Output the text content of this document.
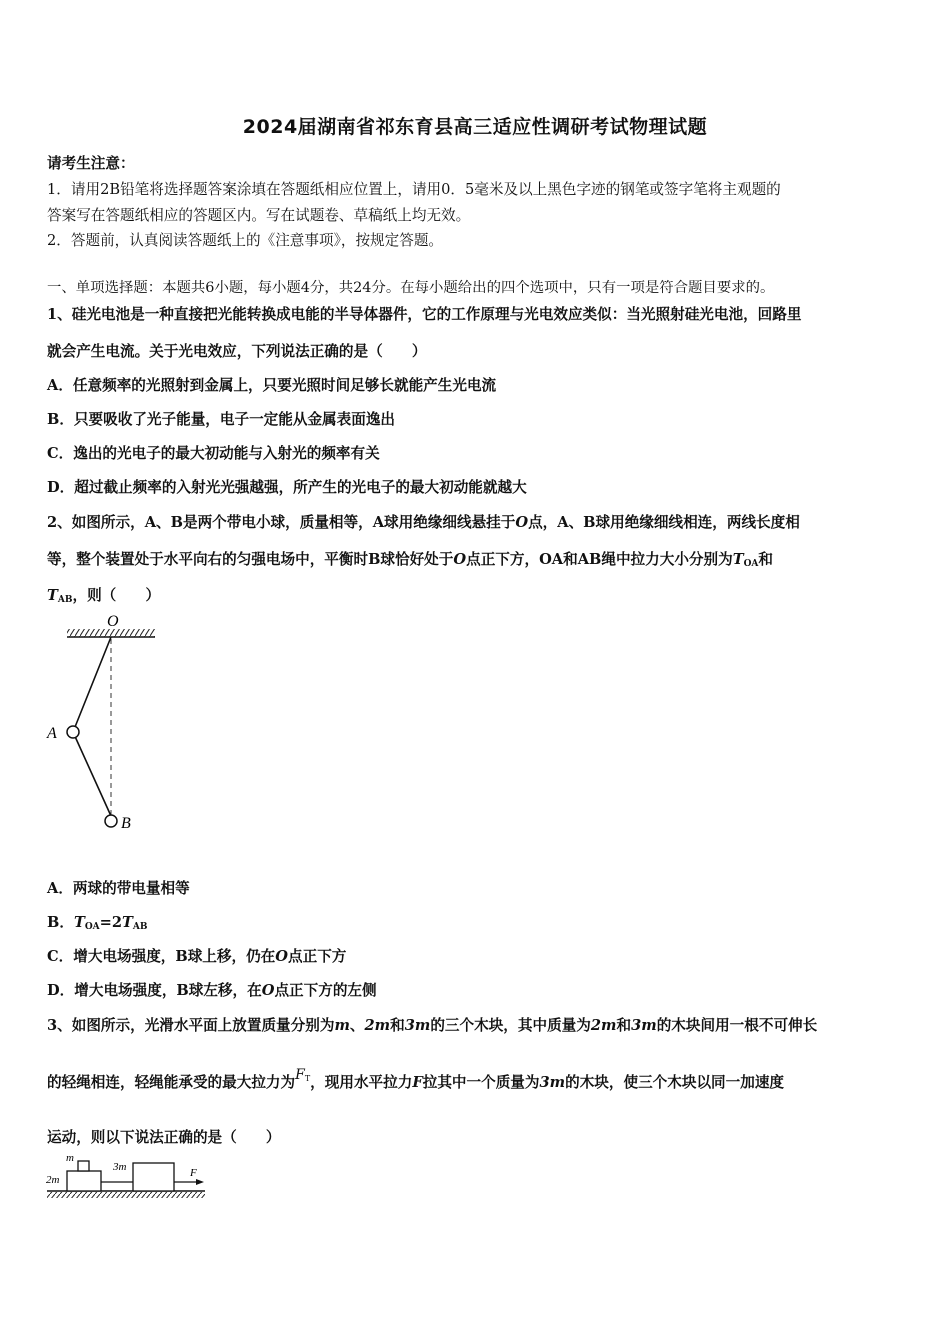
2024届湖南省祁东育县高三适应性调研考试物理试题
请考生注意：
1．请用2B铅笔将选择题答案涂填在答题纸相应位置上，请用0．5毫米及以上黑色字迹的钢笔或签字笔将主观题的
答案写在答题纸相应的答题区内。写在试题卷、草稿纸上均无效。
2．答题前，认真阅读答题纸上的《注意事项》，按规定答题。
一、单项选择题：本题共6小题，每小题4分，共24分。在每小题给出的四个选项中，只有一项是符合题目要求的。
1、硅光电池是一种直接把光能转换成电能的半导体器件，它的工作原理与光电效应类似：当光照射硅光电池，回路里
就会产生电流。关于光电效应，下列说法正确的是（　　）
A．任意频率的光照射到金属上，只要光照时间足够长就能产生光电流
B．只要吸收了光子能量，电子一定能从金属表面逸出
C．逸出的光电子的最大初动能与入射光的频率有关
D．超过截止频率的入射光光强越强，所产生的光电子的最大初动能就越大
2、如图所示，A、B是两个带电小球，质量相等，A球用绝缘细线悬挂于O点，A、B球用绝缘细线相连，两线长度相
等，整个装置处于水平向右的匀强电场中，平衡时B球恰好处于O点正下方，OA和AB绳中拉力大小分别为$T_{OA}$和
$T_{AB}$，则（　　）
O
A
B
A．两球的带电量相等
B．$T_{OA}=2T_{AB}$
C．增大电场强度，B球上移，仍在O点正下方
D．增大电场强度，B球左移，在O点正下方的左侧
3、如图所示，光滑水平面上放置质量分别为m、2m和3m的三个木块，其中质量为2m和3m的木块间用一根不可伸长
的轻绳相连，轻绳能承受的最大拉力为$F_T$，现用水平拉力F拉其中一个质量为3m的木块，使三个木块以同一加速度
运动，则以下说法正确的是（　　）
m
2m
3m	F
